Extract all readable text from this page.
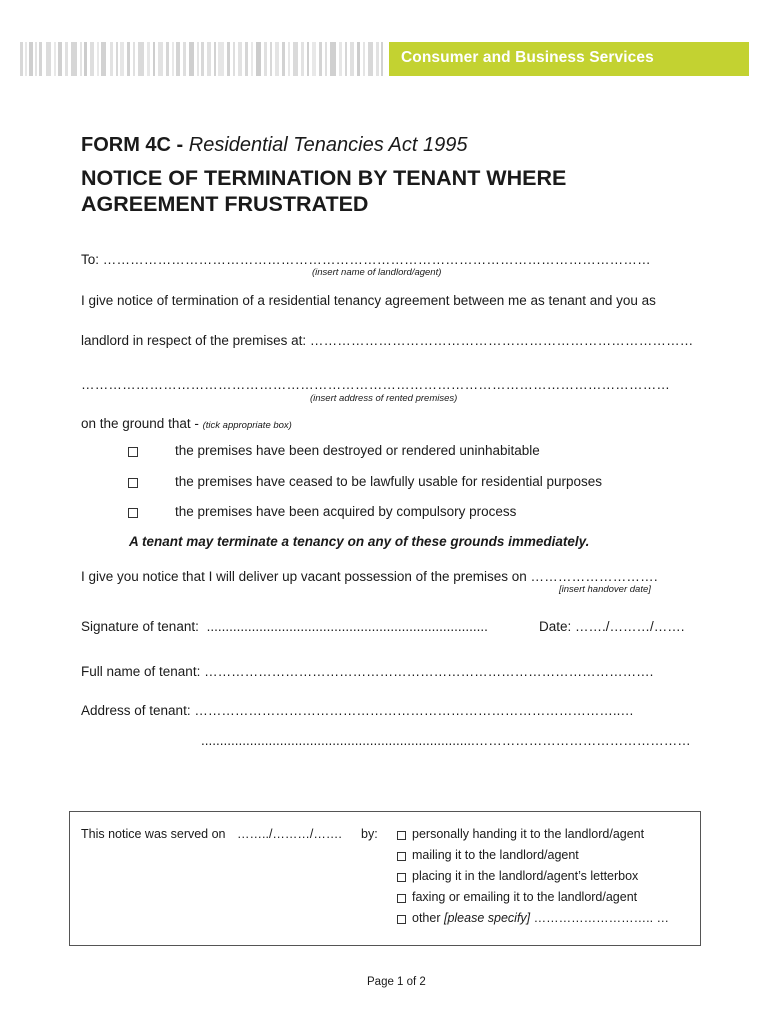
Consumer and Business Services
FORM 4C - Residential Tenancies Act 1995
NOTICE OF TERMINATION BY TENANT WHERE
AGREEMENT FRUSTRATED
To: …………………………………………………………………………………………………………
(insert name of landlord/agent)
I give notice of termination of a residential tenancy agreement between me as tenant and you as
landlord in respect of the premises at: …………………………………………………………………………
…………………………………………………………………………………………………………………
(insert address of rented premises)
on the ground that - (tick appropriate box)
the premises have been destroyed or rendered uninhabitable
the premises have ceased to be lawfully usable for residential purposes
the premises have been acquired by compulsory process
A tenant may terminate a tenancy on any of these grounds immediately.
I give you notice that I will deliver up vacant possession of the premises on ……………………….
[insert handover date]
Signature of tenant: ...........................................................................	Date: ……./………/…….
Full name of tenant: ……………………………………………………………………………………….
Address of tenant: …………………………………………………………………………………..…
.........................................................................…………………………………………
This notice was served on ……../………/……. by:	personally handing it to the landlord/agent
mailing it to the landlord/agent
placing it in the landlord/agent’s letterbox
faxing or emailing it to the landlord/agent
other [please specify] ……………………….. …
Page 1 of 2
